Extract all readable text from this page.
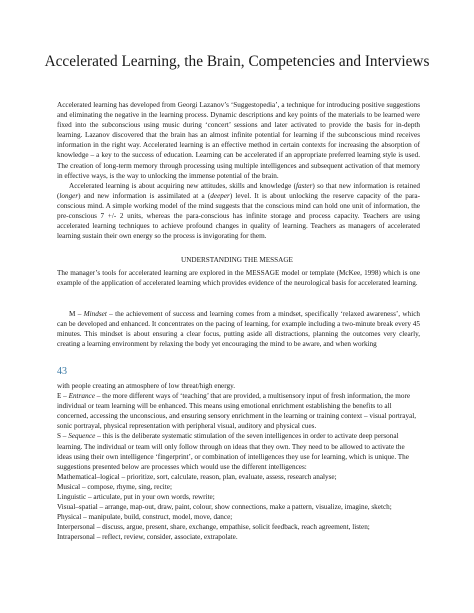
Accelerated Learning, the Brain, Competencies and Interviews

Accelerated learning has developed from Georgi Lazanov’s ‘Suggestopedia’, a technique for introducing positive suggestions and eliminating the negative in the learning process. Dynamic descriptions and key points of the materials to be learned were fixed into the subconscious using music during ‘concert’ sessions and later activated to provide the basis for in-depth learning. Lazanov discovered that the brain has an almost infinite potential for learning if the subconscious mind receives information in the right way. Accelerated learning is an effective method in certain contexts for increasing the absorption of knowledge – a key to the success of education. Learning can be accelerated if an appropriate preferred learning style is used. The creation of long-term memory through processing using multiple intelligences and subsequent activation of that memory in effective ways, is the way to unlocking the immense potential of the brain.

Accelerated learning is about acquiring new attitudes, skills and knowledge (faster) so that new information is retained (longer) and new information is assimilated at a (deeper) level. It is about unlocking the reserve capacity of the para-conscious mind. A simple working model of the mind suggests that the conscious mind can hold one unit of information, the pre-conscious 7 +/- 2 units, whereas the para-conscious has infinite storage and process capacity. Teachers are using accelerated learning techniques to achieve profound changes in quality of learning. Teachers as managers of accelerated learning sustain their own energy so the process is invigorating for them.

UNDERSTANDING THE MESSAGE

The manager’s tools for accelerated learning are explored in the MESSAGE model or template (McKee, 1998) which is one example of the application of accelerated learning which provides evidence of the neurological basis for accelerated learning.

M – Mindset – the achievement of success and learning comes from a mindset, specifically ‘relaxed awareness’, which can be developed and enhanced. It concentrates on the pacing of learning, for example including a two-minute break every 45 minutes. This mindset is about ensuring a clear focus, putting aside all distractions, planning the outcomes very clearly, creating a learning environment by relaxing the body yet encouraging the mind to be aware, and when working

43

with people creating an atmosphere of low threat/high energy.

E – Entrance – the more different ways of ‘teaching’ that are provided, a multisensory input of fresh information, the more individual or team learning will be enhanced. This means using emotional enrichment establishing the benefits to all concerned, accessing the unconscious, and ensuring sensory enrichment in the learning or training context – visual portrayal, sonic portrayal, physical representation with peripheral visual, auditory and physical cues.

S – Sequence – this is the deliberate systematic stimulation of the seven intelligences in order to activate deep personal learning. The individual or team will only follow through on ideas that they own. They need to be allowed to activate the ideas using their own intelligence ‘fingerprint’, or combination of intelligences they use for learning, which is unique. The suggestions presented below are processes which would use the different intelligences:

Mathematical–logical – prioritize, sort, calculate, reason, plan, evaluate, assess, research analyse;

Musical – compose, rhyme, sing, recite;

Linguistic – articulate, put in your own words, rewrite;

Visual–spatial – arrange, map-out, draw, paint, colour, show connections, make a pattern, visualize, imagine, sketch;

Physical – manipulate, build, construct, model, move, dance;

Interpersonal – discuss, argue, present, share, exchange, empathise, solicit feedback, reach agreement, listen;

Intrapersonal – reflect, review, consider, associate, extrapolate.
